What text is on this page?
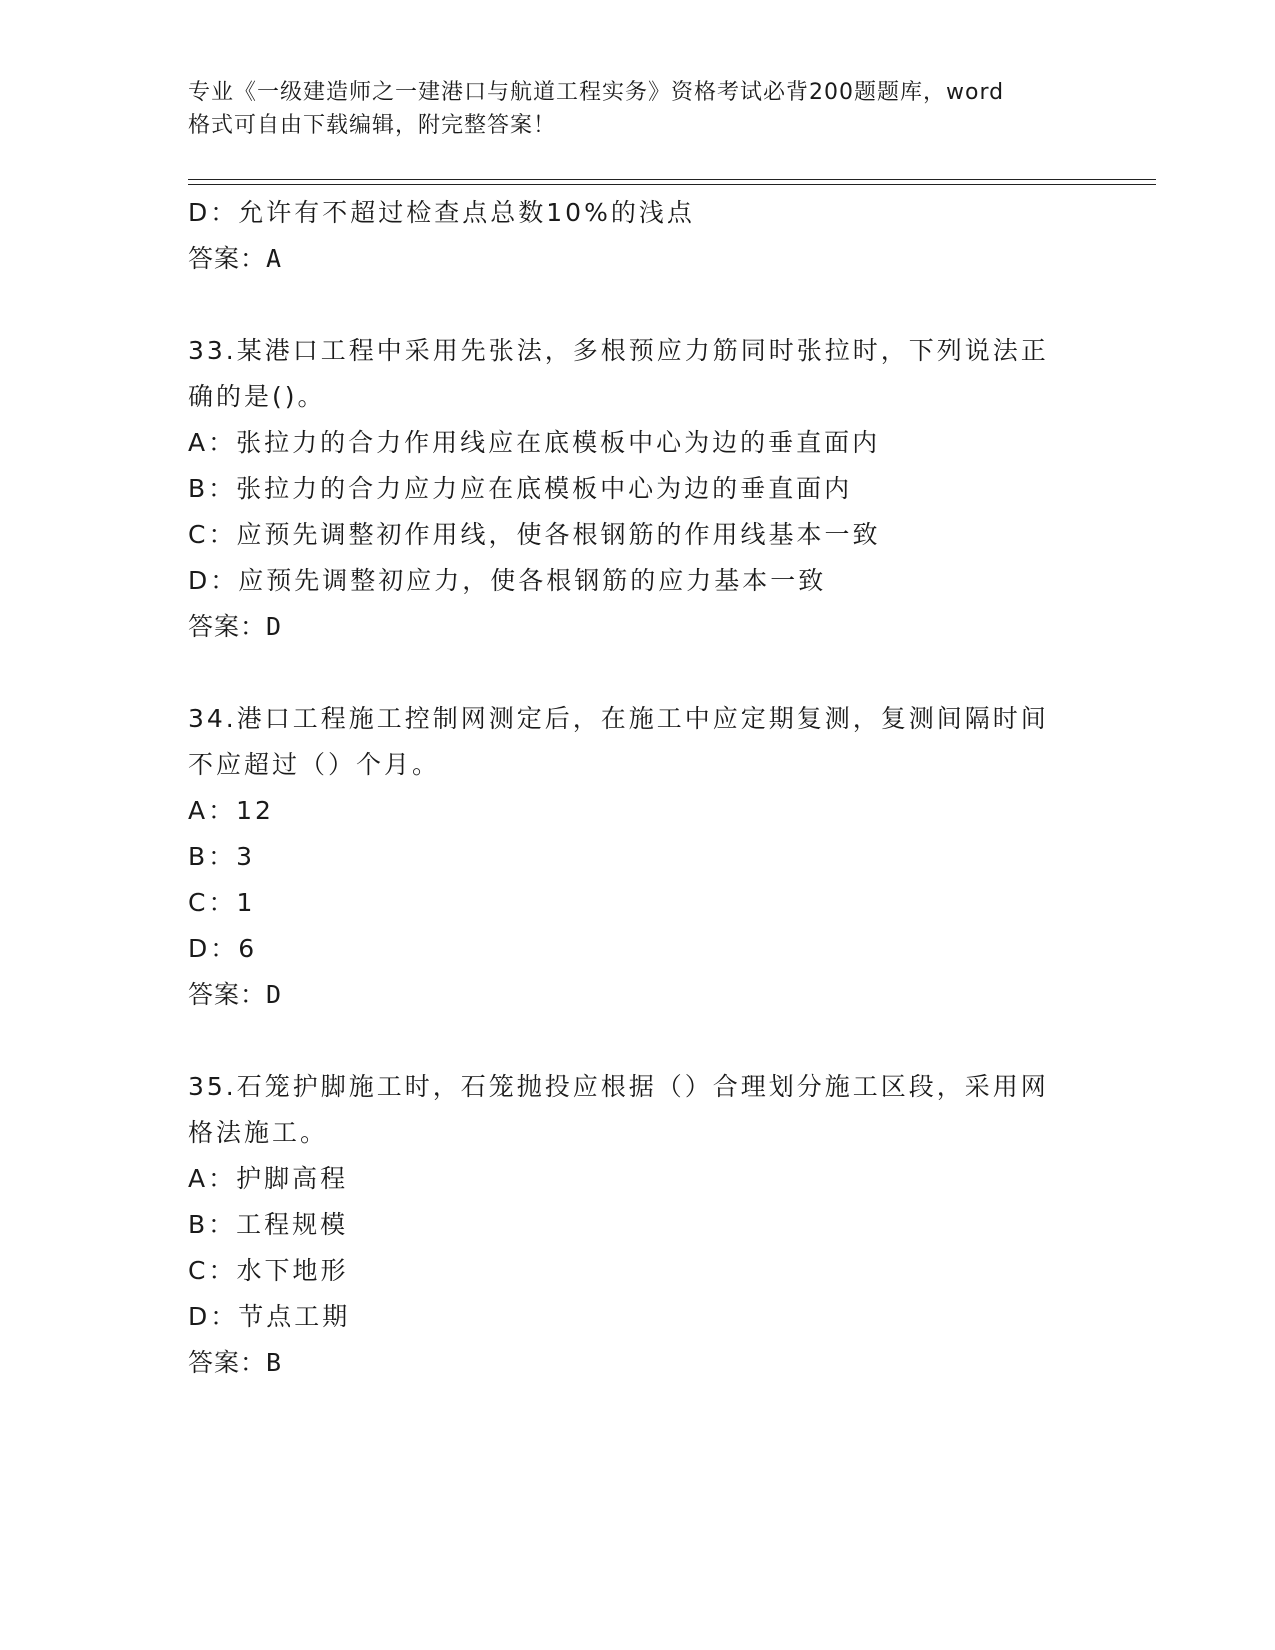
专业《一级建造师之一建港口与航道工程实务》资格考试必背200题题库，word
格式可自由下载编辑，附完整答案！
D：允许有不超过检查点总数10%的浅点
答案：A
33.某港口工程中采用先张法，多根预应力筋同时张拉时，下列说法正
确的是()。
A：张拉力的合力作用线应在底模板中心为边的垂直面内
B：张拉力的合力应力应在底模板中心为边的垂直面内
C：应预先调整初作用线，使各根钢筋的作用线基本一致
D：应预先调整初应力，使各根钢筋的应力基本一致
答案：D
34.港口工程施工控制网测定后，在施工中应定期复测，复测间隔时间
不应超过（）个月。
A：12
B：3
C：1
D：6
答案：D
35.石笼护脚施工时，石笼抛投应根据（）合理划分施工区段，采用网
格法施工。
A：护脚高程
B：工程规模
C：水下地形
D：节点工期
答案：B
